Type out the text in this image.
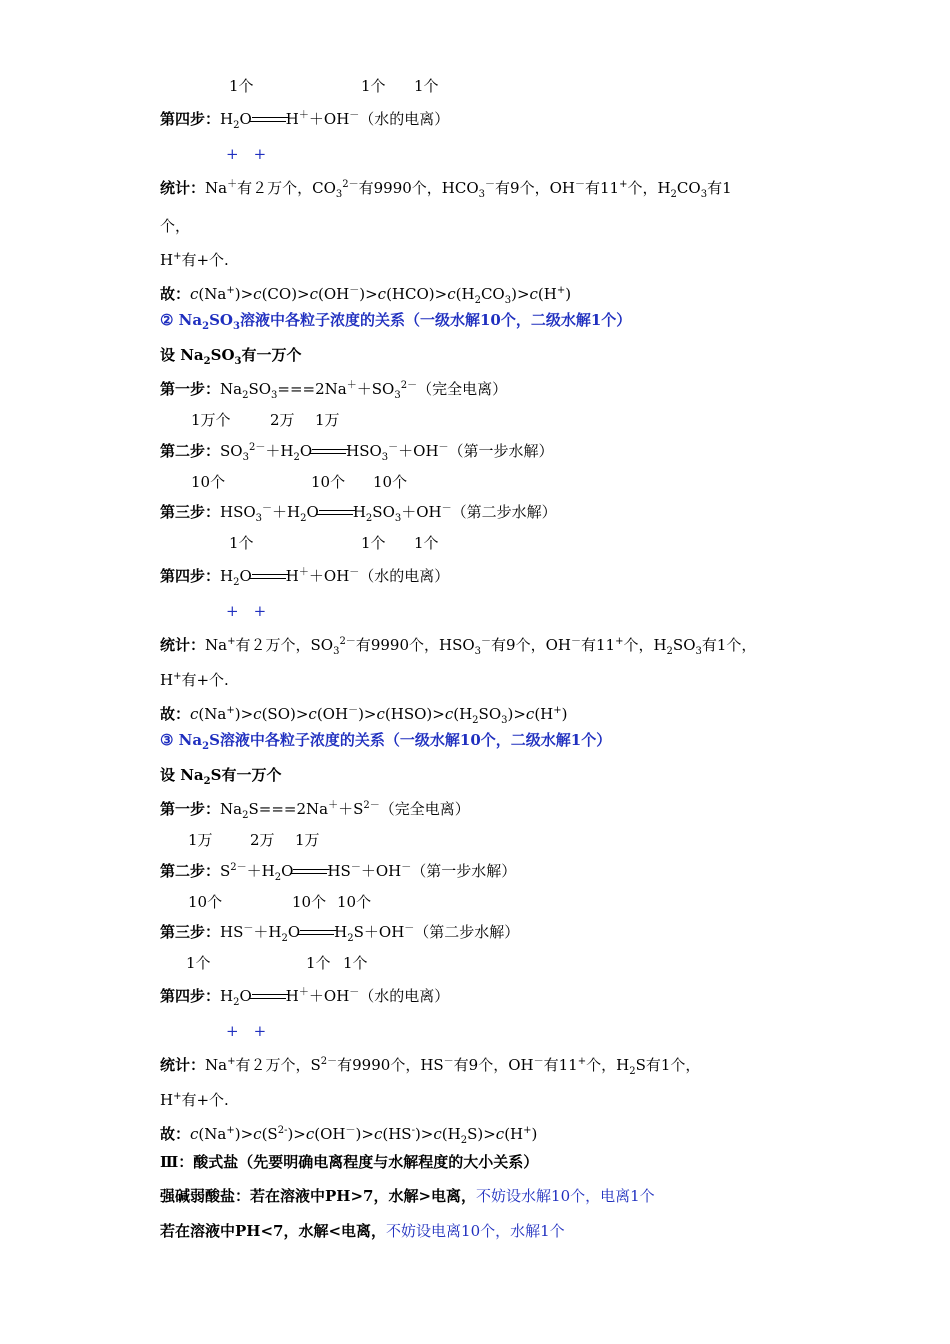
1个	1个 1个
第四步：$H_2O$ H＋＋OH－（水的电离）
+　+
统计：Na＋有２万个，$CO_3^{2-}$有9990个，$HCO_3^-$有9个，OH－有11+个，$H_2CO_3$有1
个，
H+有+个.
故：$c(Na^+)>c(CO)>c(OH^-)>c(HCO)>c(H_2CO_3)>c(H^+)$
② $Na_2SO_3$溶液中各粒子浓度的关系（一级水解10个，二级水解1个）
设 $Na_2SO_3$有一万个
第一步：$Na_2SO_3===2Na^++SO_3^{2-}$（完全电离）
1万个	2万 1万
第二步：$SO_3^{2-}+H_2O$ $HSO_3^-+OH^-$（第一步水解）
10个	10个 10个
第三步：$HSO_3^-+H_2O$ $H_2SO_3+OH^-$（第二步水解）
1个	1个 1个
第四步：$H_2O$ H＋＋OH－（水的电离）
+　+
统计：Na+有２万个，$SO_3^{2-}$有9990个，$HSO_3^-$有9个，OH－有11+个，$H_2SO_3$有1个，
H+有+个.
故：$c(Na^+)>c(SO)>c(OH^-)>c(HSO)>c(H_2SO_3)>c(H^+)$
③ $Na_2S$溶液中各粒子浓度的关系（一级水解10个，二级水解1个）
设 $Na_2S$有一万个
第一步：$Na_2S===2Na^++S^{2-}$（完全电离）
1万 2万 1万
第二步：$S^{2-}+H_2O$ HS－＋OH－（第一步水解）
10个	10个 10个
第三步：$HS^-+H_2O$ $H_2S+OH^-$（第二步水解）
1个	1个 1个
第四步：$H_2O$ H＋＋OH－（水的电离）
+　+
统计：Na+有２万个，$S^{2-}$有9990个，HS－有9个，OH－有11+个，$H_2S$有1个，
H+有+个.
故：$c(Na^+)>c(S^{2-})>c(OH^-)>c(HS^-)>c(H_2S)>c(H^+)$
Ⅲ：酸式盐（先要明确电离程度与水解程度的大小关系）
强碱弱酸盐：若在溶液中PH>7，水解>电离，不妨设水解10个，电离1个
若在溶液中PH<7，水解<电离，不妨设电离10个，水解1个
